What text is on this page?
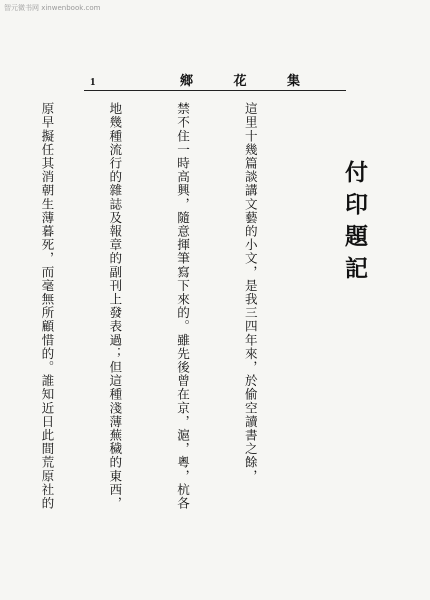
智元微书网 xinwenbook.com
1	鄉	花	集
付印題記

這里十幾篇談講文藝的小文，是我三四年來，於偷空讀書之餘，

禁不住一時高興，隨意揮筆寫下來的。雖先後曾在京，滬，粵，杭各

地幾種流行的雜誌及報章的副刊上發表過；但這種淺薄蕪穢的東西，

原早擬任其消朝生薄暮死，而毫無所顧惜的。誰知近日此間荒原社的
